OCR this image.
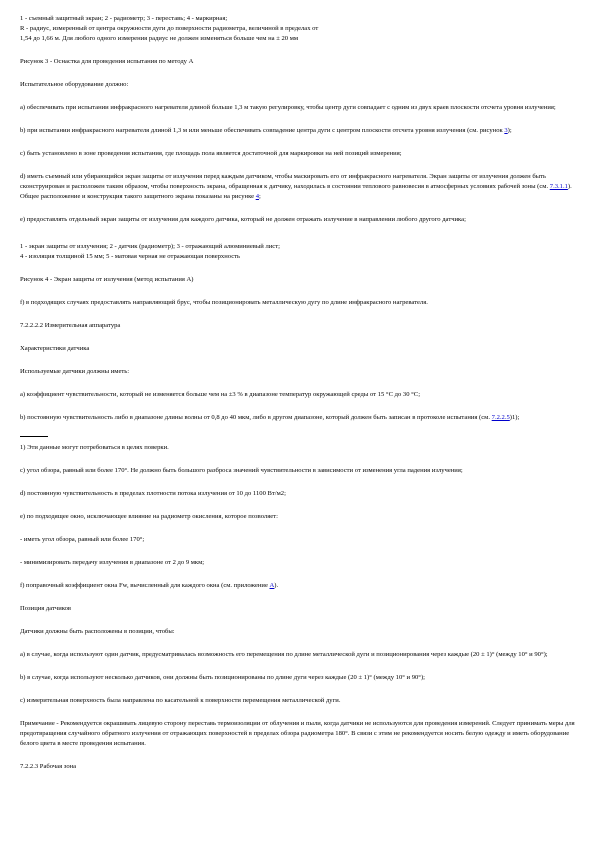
1 - съемный защитный экран; 2 - радиометр; 3 - переставь; 4 - маркирная;

R - радиус, измеренный от центра окружности дуги до поверхности радиометра, величиной в пределах от

1,54 до 1,66 м. Для любого одного измерения радиус не должен изменяться больше чем на ± 20 мм

Рисунок 3 - Оснастка для проведения испытания по методу А

Испытательное оборудование должно:

а) обеспечивать при испытании инфракрасного нагревателя длиной больше 1,3 м такую регулировку, чтобы центр дуги совпадает с одним из двух краев плоскости отсчета уровня излучения;

b) при испытании инфракрасного нагревателя длиной 1,3 м или меньше обеспечивать совпадение центра дуги с центром плоскости отсчета уровня излучения (см. рисунок 3);

c) быть установлено в зоне проведения испытания, где площадь пола является достаточной для маркировки на ней позиций измерения;

d) иметь съемный или убирающийся экран защиты от излучения перед каждым датчиком, чтобы маскировать его от инфракрасного нагревателя. Экран защиты от излучения должен быть сконструирован и расположен таким образом, чтобы поверхность экрана, обращенная к датчику, находилась в состоянии теплового равновесия в атмосферных условиях рабочей зоны (см. 7.3.1.1). Общее расположение и конструкция такого защитного экрана показаны на рисунке 4;

e) предоставлять отдельный экран защиты от излучения для каждого датчика, который не должен отражать излучение в направлении любого другого датчика;

1 - экран защиты от излучения; 2 - датчик (радиометр); 3 - отражающий алюминиевый лист;

4 - изоляция толщиной 15 мм; 5 - матовая черная не отражающая поверхность

Рисунок 4 - Экран защиты от излучения (метод испытания А)

f) в подходящих случаях предоставлять направляющий брус, чтобы позиционировать металлическую дугу по длине инфракрасного нагревателя.

7.2.2.2.2 Измерительная аппаратура

Характеристики датчика

Используемые датчики должны иметь:

а) коэффициент чувствительности, который не изменяется больше чем на ±3 % в диапазоне температур окружающей среды от 15 °С до 30 °С;

b) постоянную чувствительность либо в диапазоне длины волны от 0,8 до 40 мкм, либо в другом диапазоне, который должен быть записан в протоколе испытания (см. 7.2.2.5)1);

1) Эти данные могут потребоваться в целях поверки.

c) угол обзора, равный или более 170°. Не должно быть большого разброса значений чувствительности в зависимости от изменения угла падения излучения;

d) постоянную чувствительность в пределах плотности потока излучения от 10 до 1100 Вт/м2;

e) по подходящее окно, исключающее влияние на радиометр окисления, которое позволяет:

- иметь угол обзора, равный или более 170°;

- минимизировать передачу излучения в диапазоне от 2 до 9 мкм;

f) поправочный коэффициент окна Fw, вычисленный для каждого окна (см. приложение A).

Позиция датчиков

Датчики должны быть расположены в позиции, чтобы:

а) в случае, когда используют один датчик, предусматривалась возможность его перемещения по длине металлической дуги и позиционирования через каждые (20 ± 1)° (между 10° и 90°);

b) в случае, когда используют несколько датчиков, они должны быть позиционированы по длине дуги через каждые (20 ± 1)° (между 10° и 90°);

c) измерительная поверхность была направлена по касательной к поверхности перемещения металлической дуги.

Примечание - Рекомендуется окрашивать лицевую сторону переставь термоизоляции от облучения и пыли, когда датчики не используются для проведения измерений. Следует принимать меры для предотвращения случайного обратного излучения от отражающих поверхностей в пределах обзора радиометра 180°. В связи с этим не рекомендуется носить белую одежду и иметь оборудование белого цвета в месте проведения испытания.

7.2.2.3 Рабочая зона
